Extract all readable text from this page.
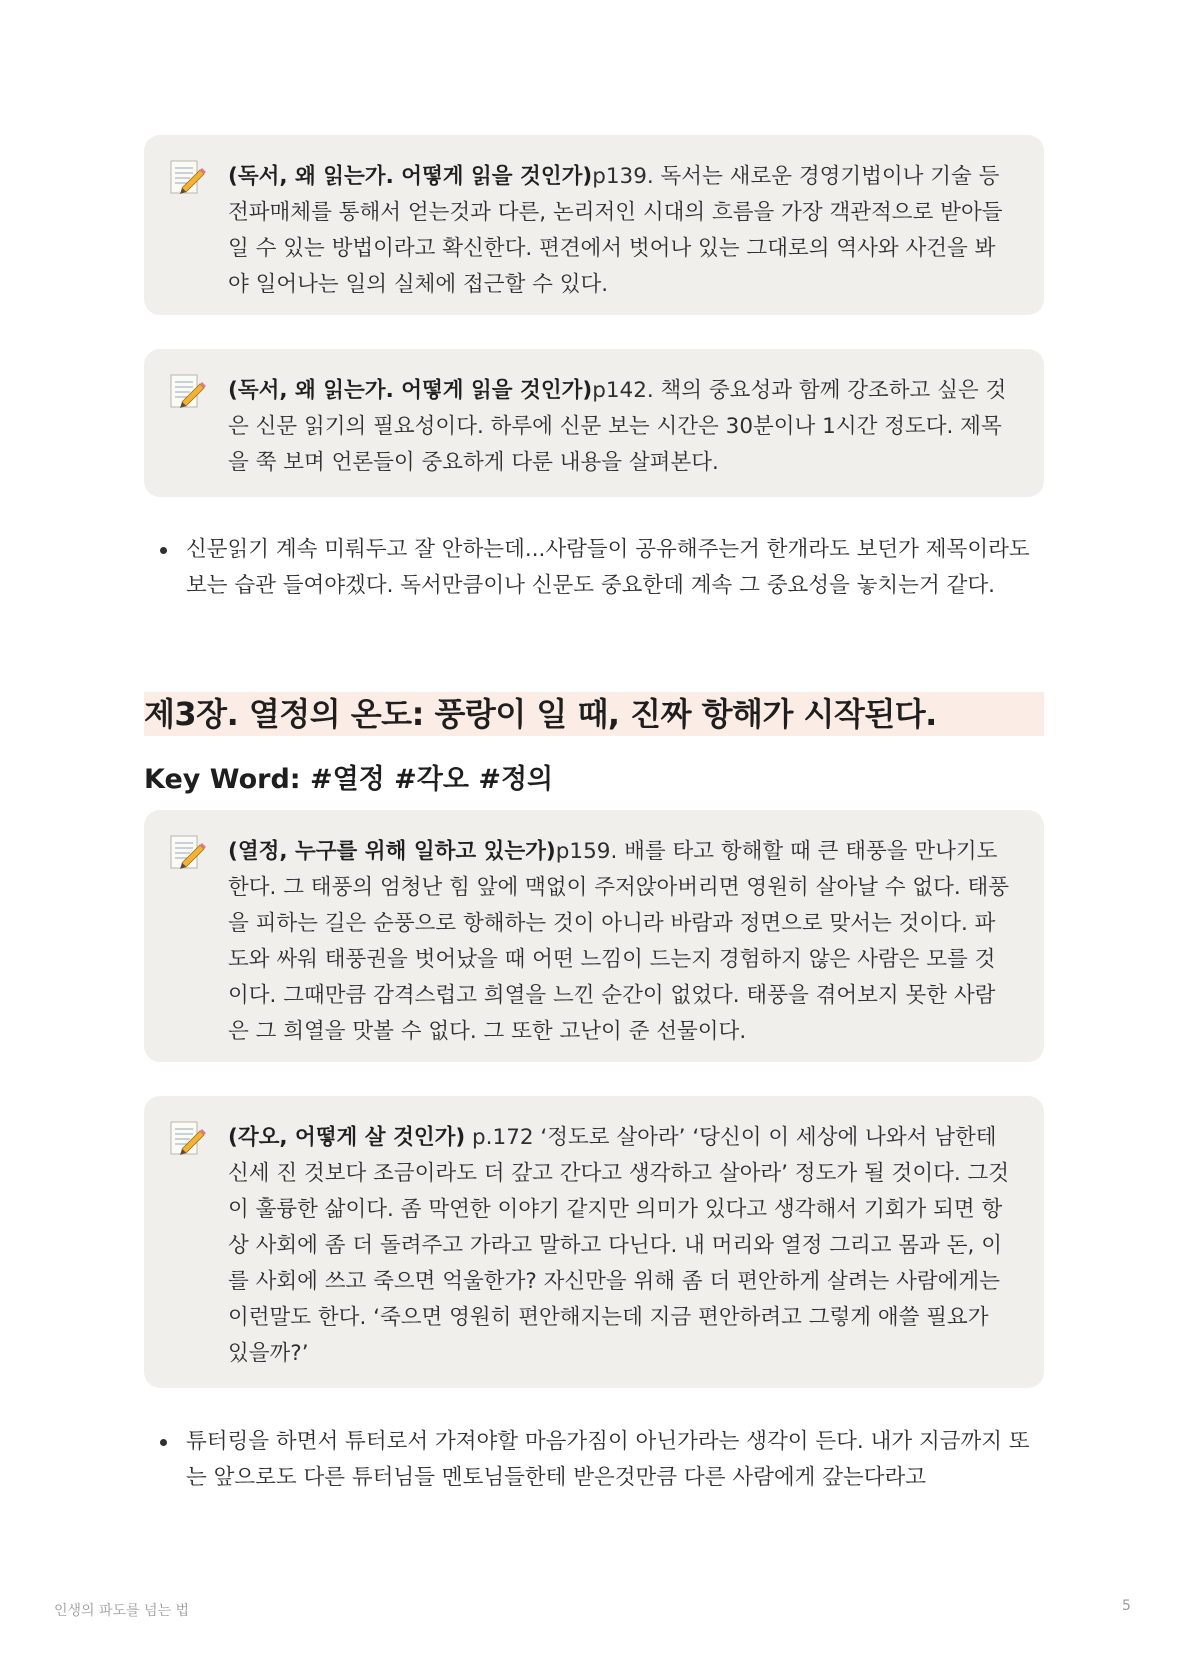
(독서, 왜 읽는가. 어떻게 읽을 것인가)p139. 독서는 새로운 경영기법이나 기술 등 전파매체를 통해서 얻는것과 다른, 논리저인 시대의 흐름을 가장 객관적으로 받아들일 수 있는 방법이라고 확신한다. 편견에서 벗어나 있는 그대로의 역사와 사건을 봐야 일어나는 일의 실체에 접근할 수 있다.
(독서, 왜 읽는가. 어떻게 읽을 것인가)p142. 책의 중요성과 함께 강조하고 싶은 것은 신문 읽기의 필요성이다. 하루에 신문 보는 시간은 30분이나 1시간 정도다. 제목을 쭉 보며 언론들이 중요하게 다룬 내용을 살펴본다.
신문읽기 계속 미뤄두고 잘 안하는데...사람들이 공유해주는거 한개라도 보던가 제목이라도 보는 습관 들여야겠다. 독서만큼이나 신문도 중요한데 계속 그 중요성을 놓치는거 같다.
제3장. 열정의 온도: 풍랑이 일 때, 진짜 항해가 시작된다.
Key Word: #열정 #각오 #정의
(열정, 누구를 위해 일하고 있는가)p159. 배를 타고 항해할 때 큰 태풍을 만나기도 한다. 그 태풍의 엄청난 힘 앞에 맥없이 주저앉아버리면 영원히 살아날 수 없다. 태풍을 피하는 길은 순풍으로 항해하는 것이 아니라 바람과 정면으로 맞서는 것이다. 파도와 싸워 태풍권을 벗어났을 때 어떤 느낌이 드는지 경험하지 않은 사람은 모를 것이다. 그때만큼 감격스럽고 희열을 느낀 순간이 없었다. 태풍을 겪어보지 못한 사람은 그 희열을 맛볼 수 없다. 그 또한 고난이 준 선물이다.
(각오, 어떻게 살 것인가) p.172 ‘정도로 살아라’ ‘당신이 이 세상에 나와서 남한테 신세 진 것보다 조금이라도 더 갚고 간다고 생각하고 살아라’ 정도가 될 것이다. 그것이 훌륭한 삶이다. 좀 막연한 이야기 같지만 의미가 있다고 생각해서 기회가 되면 항상 사회에 좀 더 돌려주고 가라고 말하고 다닌다. 내 머리와 열정 그리고 몸과 돈, 이를 사회에 쓰고 죽으면 억울한가? 자신만을 위해 좀 더 편안하게 살려는 사람에게는 이런말도 한다. ‘죽으면 영원히 편안해지는데 지금 편안하려고 그렇게 애쓸 필요가 있을까?’
튜터링을 하면서 튜터로서 가져야할 마음가짐이 아닌가라는 생각이 든다. 내가 지금까지 또는 앞으로도 다른 튜터님들 멘토님들한테 받은것만큼 다른 사람에게 갚는다라고
인생의 파도를 넘는 법	5
